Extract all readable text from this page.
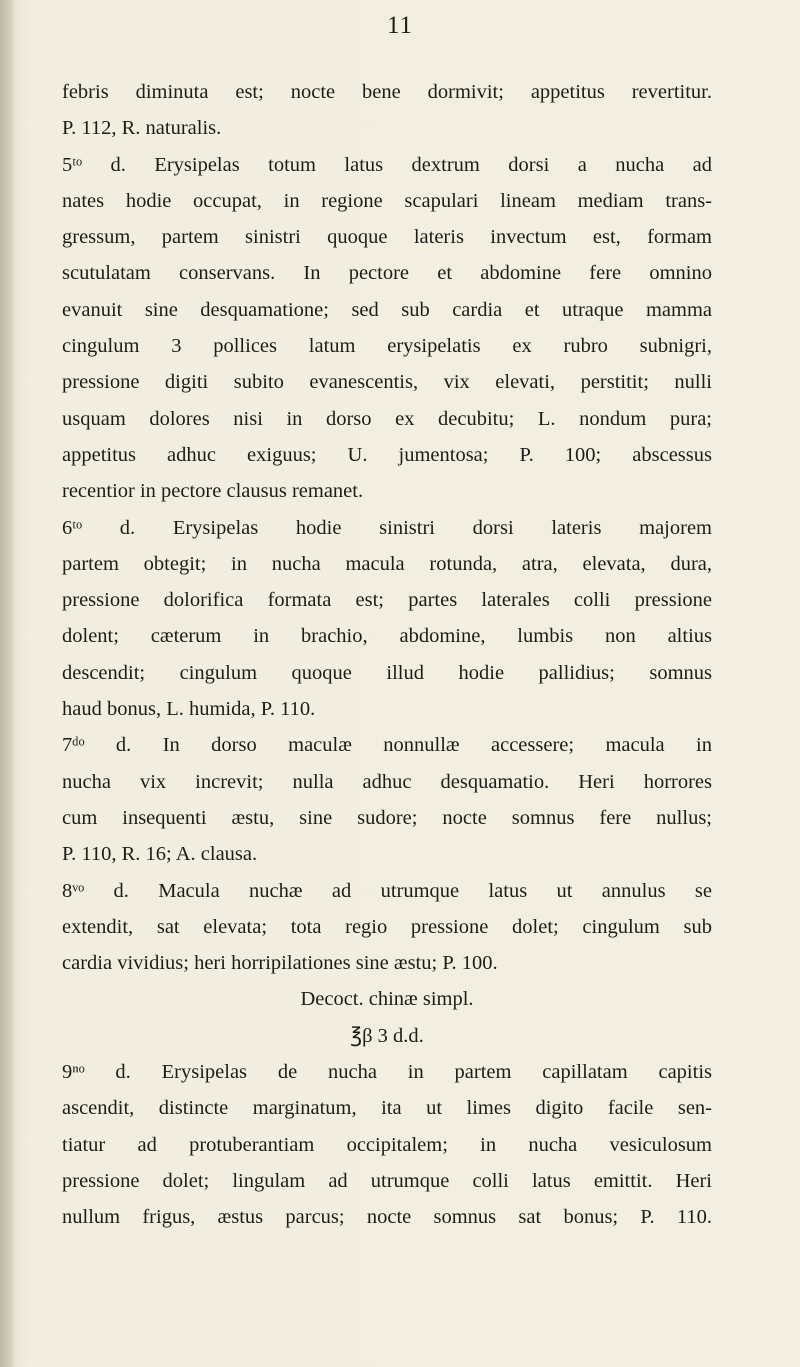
11
febris diminuta est; nocte bene dormivit; appetitus revertitur.
P. 112, R. naturalis.
5ᵗᵒ d. Erysipelas totum latus dextrum dorsi a nucha ad
nates hodie occupat, in regione scapulari lineam mediam trans-
gressum, partem sinistri quoque lateris invectum est, formam
scutulatam conservans. In pectore et abdomine fere omnino
evanuit sine desquamatione; sed sub cardia et utraque mamma
cingulum 3 pollices latum erysipelatis ex rubro subnigri,
pressione digiti subito evanescentis, vix elevati, perstitit; nulli
usquam dolores nisi in dorso ex decubitu; L. nondum pura;
appetitus adhuc exiguus; U. jumentosa; P. 100; abscessus
recentior in pectore clausus remanet.
6ᵗᵒ d. Erysipelas hodie sinistri dorsi lateris majorem
partem obtegit; in nucha macula rotunda, atra, elevata, dura,
pressione dolorifica formata est; partes laterales colli pressione
dolent; cæterum in brachio, abdomine, lumbis non altius
descendit; cingulum quoque illud hodie pallidius; somnus
haud bonus, L. humida, P. 110.
7ᵈᵒ d. In dorso maculæ nonnullæ accessere; macula in
nucha vix increvit; nulla adhuc desquamatio. Heri horrores
cum insequenti æstu, sine sudore; nocte somnus fere nullus;
P. 110, R. 16; A. clausa.
8ᵛᵒ d. Macula nuchæ ad utrumque latus ut annulus se
extendit, sat elevata; tota regio pressione dolet; cingulum sub
cardia vividius; heri horripilationes sine æstu; P. 100.
Decoct. chinæ simpl.
℥β 3 d.d.
9ⁿᵒ d. Erysipelas de nucha in partem capillatam capitis
ascendit, distincte marginatum, ita ut limes digito facile sen-
tiatur ad protuberantiam occipitalem; in nucha vesiculosum
pressione dolet; lingulam ad utrumque colli latus emittit. Heri
nullum frigus, æstus parcus; nocte somnus sat bonus; P. 110.
